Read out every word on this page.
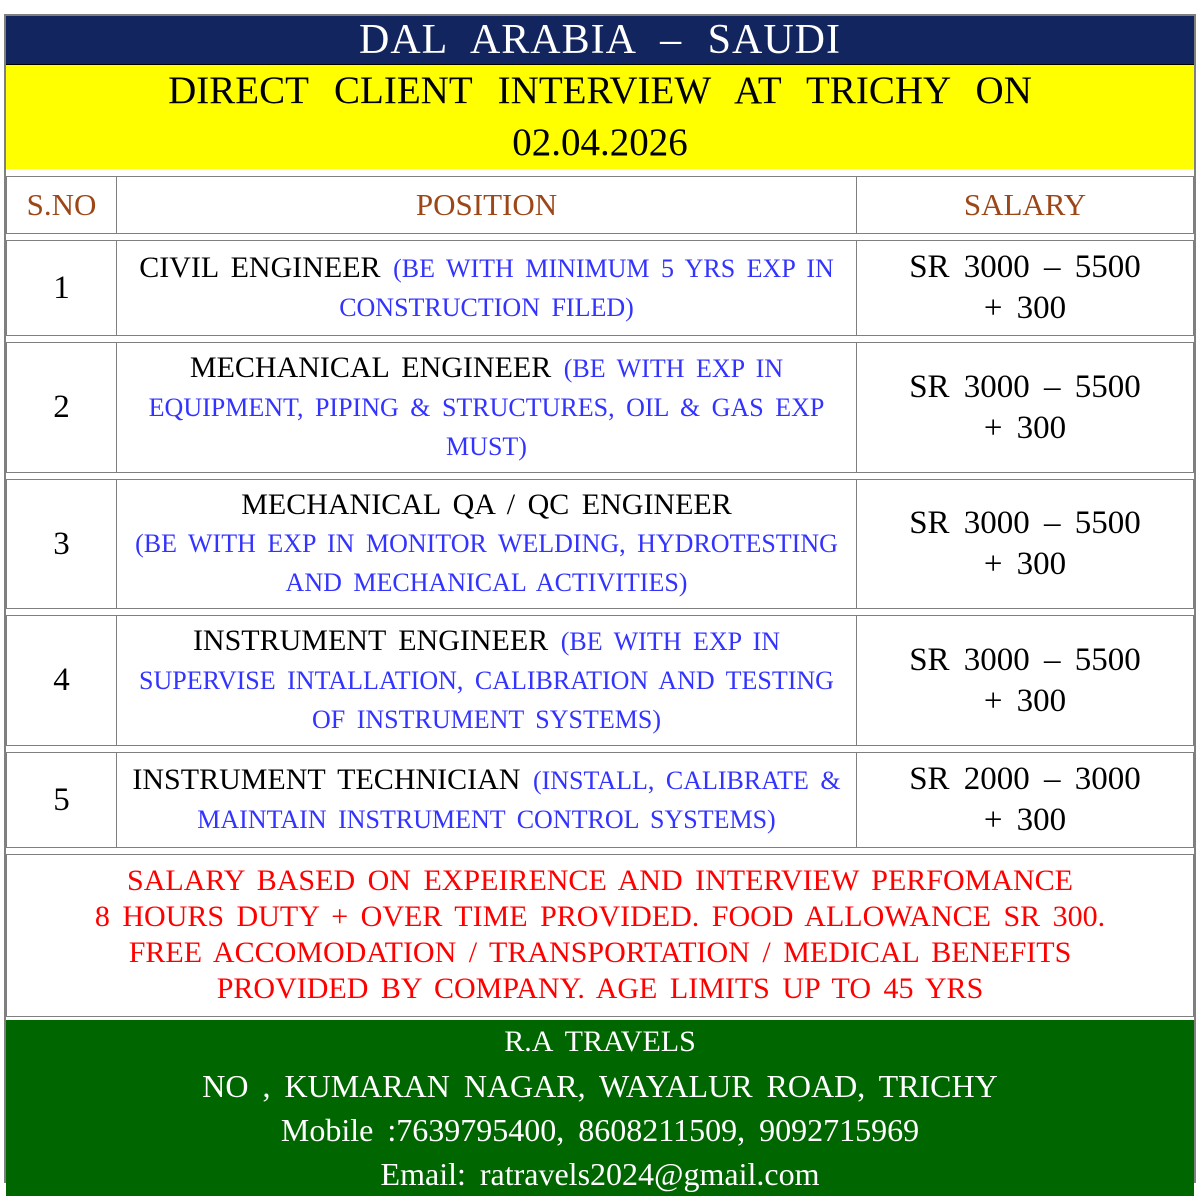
DAL ARABIA – SAUDI
DIRECT CLIENT INTERVIEW AT TRICHY ON
02.04.2026
S.NO	POSITION	SALARY
1
CIVIL ENGINEER (BE WITH MINIMUM 5 YRS EXP IN CONSTRUCTION FILED)
SR 3000 – 5500
+ 300
2
MECHANICAL ENGINEER (BE WITH EXP IN EQUIPMENT, PIPING & STRUCTURES, OIL & GAS EXP MUST)
SR 3000 – 5500
+ 300
3
MECHANICAL QA / QC ENGINEER
(BE WITH EXP IN MONITOR WELDING, HYDROTESTING AND MECHANICAL ACTIVITIES)
SR 3000 – 5500
+ 300
4
INSTRUMENT ENGINEER (BE WITH EXP IN SUPERVISE INTALLATION, CALIBRATION AND TESTING OF INSTRUMENT SYSTEMS)
SR 3000 – 5500
+ 300
5
INSTRUMENT TECHNICIAN (INSTALL, CALIBRATE & MAINTAIN INSTRUMENT CONTROL SYSTEMS)
SR 2000 – 3000
+ 300
SALARY BASED ON EXPEIRENCE AND INTERVIEW PERFOMANCE
8 HOURS DUTY + OVER TIME PROVIDED. FOOD ALLOWANCE SR 300.
FREE ACCOMODATION / TRANSPORTATION / MEDICAL BENEFITS
PROVIDED BY COMPANY. AGE LIMITS UP TO 45 YRS
R.A TRAVELS
NO , KUMARAN NAGAR, WAYALUR ROAD, TRICHY
Mobile :7639795400, 8608211509, 9092715969
Email: ratravels2024@gmail.com
